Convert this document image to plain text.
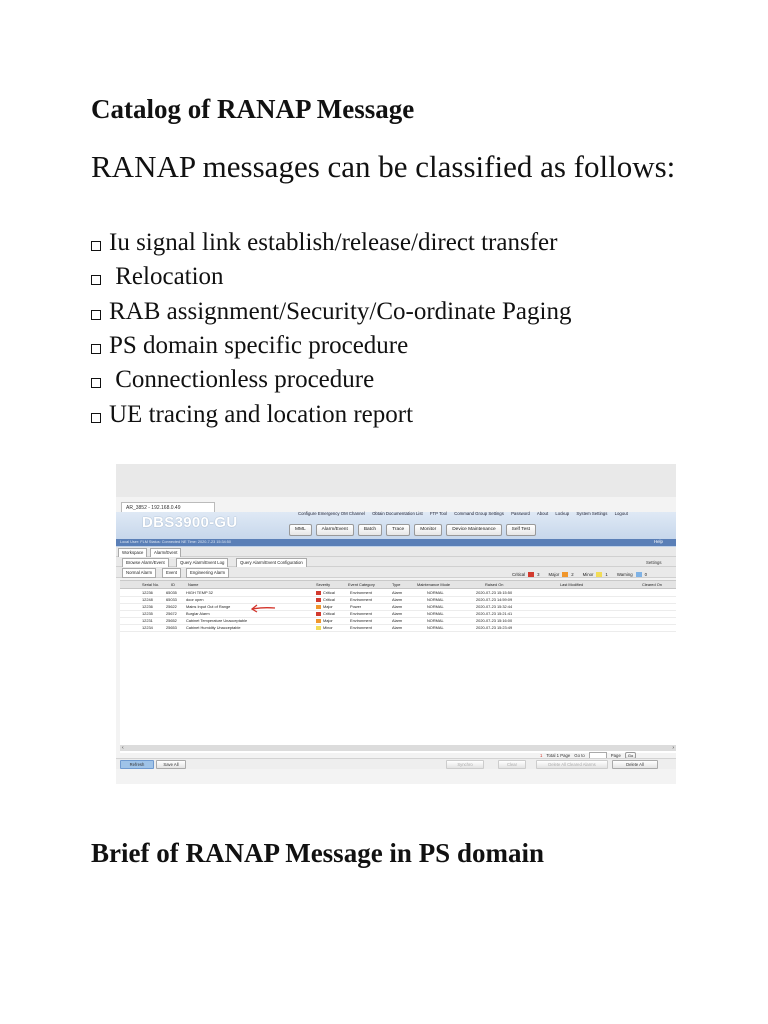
Catalog of RANAP Message
RANAP messages can be classified as follows:
Iu signal link establish/release/direct transfer
Relocation
RAB assignment/Security/Co-ordinate Paging
PS domain specific procedure
Connectionless procedure
UE tracing and location report
AR_3852 - 192.168.0.49
DBS3900-GU
Configure Emergency OM Channel Obtain Documentation List FTP Tool Command Group Settings Password About Lockup System Settings Logout
MML	Alarm/Event	Batch	Trace	Monitor	Device Maintenance	Self Test
Local User: FLM Status: Connected NE Time: 2020-7-23 15:34:50	Help
Workspace	Alarm/Event
Browse Alarm/Event	Query Alarm/Event Log	Query Alarm/Event Configuration	Settings
Normal Alarm	Event	Engineering Alarm	Critical	3 Major	2 Minor	1 Warning	0
Serial No.	ID	Name	Severity	Event Category	Type	Maintenance Mode	Raised On	Last Modified	Cleared On
12236	65035 HIGH TEMP 32	Critical	Environment	Alarm	NORMAL	2020-07-23 15:15:50
12248	65033 door open	Critical	Environment	Alarm	NORMAL	2020-07-23 14:59:09
12236	25622 Mains Input Out of Range	Major	Power	Alarm	NORMAL	2020-07-23 15:32:44
12235	25672 Burglar Alarm	Critical	Environment	Alarm	NORMAL	2020-07-23 15:21:41
12231	25652 Cabinet Temperature Unacceptable	Major	Environment	Alarm	NORMAL	2020-07-23 15:16:00
12234	25653 Cabinet Humidity Unacceptable	Minor	Environment	Alarm	NORMAL	2020-07-23 15:23:49
‹	›
1 Total 1 Page Go to	Page	Go
Refresh	Save All	Synchro	Clear	Delete All Cleared Alarms	Delete All
Brief of RANAP Message in PS domain
